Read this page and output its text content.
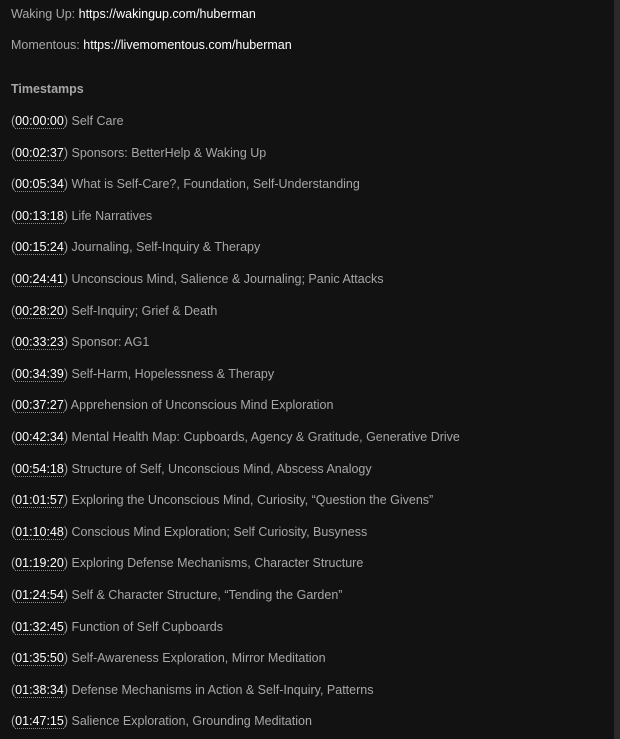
Waking Up: https://wakingup.com/huberman
Momentous: https://livemomentous.com/huberman
Timestamps
(00:00:00) Self Care
(00:02:37) Sponsors: BetterHelp & Waking Up
(00:05:34) What is Self-Care?, Foundation, Self-Understanding
(00:13:18) Life Narratives
(00:15:24) Journaling, Self-Inquiry & Therapy
(00:24:41) Unconscious Mind, Salience & Journaling; Panic Attacks
(00:28:20) Self-Inquiry; Grief & Death
(00:33:23) Sponsor: AG1
(00:34:39) Self-Harm, Hopelessness & Therapy
(00:37:27) Apprehension of Unconscious Mind Exploration
(00:42:34) Mental Health Map: Cupboards, Agency & Gratitude, Generative Drive
(00:54:18) Structure of Self, Unconscious Mind, Abscess Analogy
(01:01:57) Exploring the Unconscious Mind, Curiosity, “Question the Givens”
(01:10:48) Conscious Mind Exploration; Self Curiosity, Busyness
(01:19:20) Exploring Defense Mechanisms, Character Structure
(01:24:54) Self & Character Structure, “Tending the Garden”
(01:32:45) Function of Self Cupboards
(01:35:50) Self-Awareness Exploration, Mirror Meditation
(01:38:34) Defense Mechanisms in Action & Self-Inquiry, Patterns
(01:47:15) Salience Exploration, Grounding Meditation
